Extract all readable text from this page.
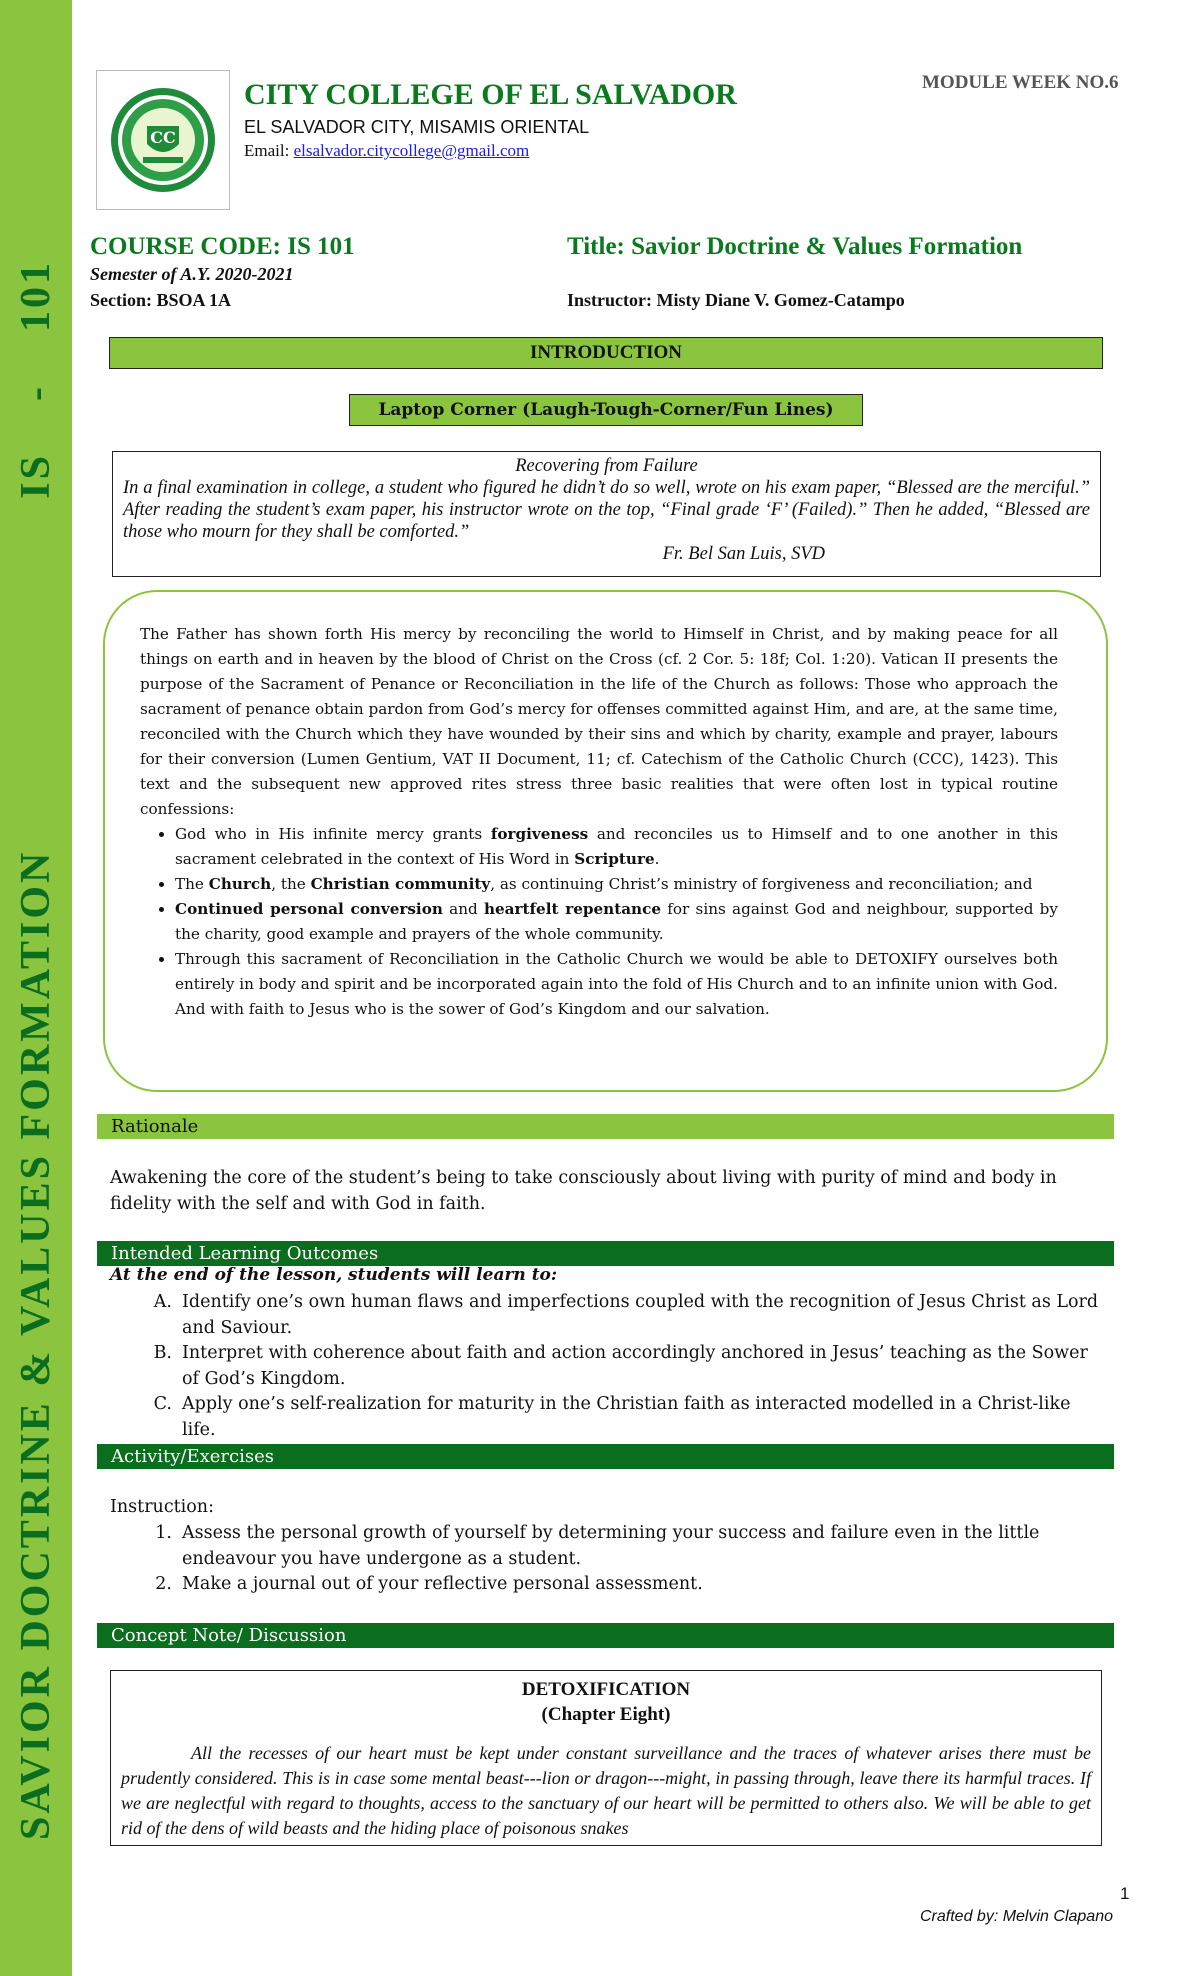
SAVIOR DOCTRINE & VALUES FORMATION
IS
-
101
CC
CITY COLLEGE OF EL SALVADOR
EL SALVADOR CITY, MISAMIS ORIENTAL
Email: elsalvador.citycollege@gmail.com
MODULE WEEK NO.6
COURSE CODE: IS 101	Title: Savior Doctrine & Values Formation
Semester of A.Y. 2020-2021
Section: BSOA 1A	Instructor: Misty Diane V. Gomez-Catampo
INTRODUCTION
Laptop Corner (Laugh-Tough-Corner/Fun Lines)
Recovering from Failure
In a final examination in college, a student who figured he didn’t do so well, wrote on his exam paper, “Blessed are the merciful.” After reading the student’s exam paper, his instructor wrote on the top, “Final grade ‘F’ (Failed).” Then he added, “Blessed are those who mourn for they shall be comforted.”
Fr. Bel San Luis, SVD
The Father has shown forth His mercy by reconciling the world to Himself in Christ, and by making peace for all things on earth and in heaven by the blood of Christ on the Cross (cf. 2 Cor. 5: 18f; Col. 1:20). Vatican II presents the purpose of the Sacrament of Penance or Reconciliation in the life of the Church as follows: Those who approach the sacrament of penance obtain pardon from God’s mercy for offenses committed against Him, and are, at the same time, reconciled with the Church which they have wounded by their sins and which by charity, example and prayer, labours for their conversion (Lumen Gentium, VAT II Document, 11; cf. Catechism of the Catholic Church (CCC), 1423). This text and the subsequent new approved rites stress three basic realities that were often lost in typical routine confessions:
• God who in His infinite mercy grants forgiveness and reconciles us to Himself and to one another in this sacrament celebrated in the context of His Word in Scripture.
• The Church, the Christian community, as continuing Christ’s ministry of forgiveness and reconciliation; and
• Continued personal conversion and heartfelt repentance for sins against God and neighbour, supported by the charity, good example and prayers of the whole community.
• Through this sacrament of Reconciliation in the Catholic Church we would be able to DETOXIFY ourselves both entirely in body and spirit and be incorporated again into the fold of His Church and to an infinite union with God. And with faith to Jesus who is the sower of God’s Kingdom and our salvation.
Rationale
Awakening the core of the student’s being to take consciously about living with purity of mind and body in fidelity with the self and with God in faith.
Intended Learning Outcomes
At the end of the lesson, students will learn to:
A. Identify one’s own human flaws and imperfections coupled with the recognition of Jesus Christ as Lord and Saviour.
B. Interpret with coherence about faith and action accordingly anchored in Jesus’ teaching as the Sower of God’s Kingdom.
C. Apply one’s self-realization for maturity in the Christian faith as interacted modelled in a Christ-like life.
Activity/Exercises
Instruction:
1. Assess the personal growth of yourself by determining your success and failure even in the little endeavour you have undergone as a student.
2. Make a journal out of your reflective personal assessment.
Concept Note/ Discussion
DETOXIFICATION
(Chapter Eight)
All the recesses of our heart must be kept under constant surveillance and the traces of whatever arises there must be prudently considered. This is in case some mental beast---lion or dragon---might, in passing through, leave there its harmful traces. If we are neglectful with regard to thoughts, access to the sanctuary of our heart will be permitted to others also. We will be able to get rid of the dens of wild beasts and the hiding place of poisonous snakes
1
Crafted by: Melvin Clapano
